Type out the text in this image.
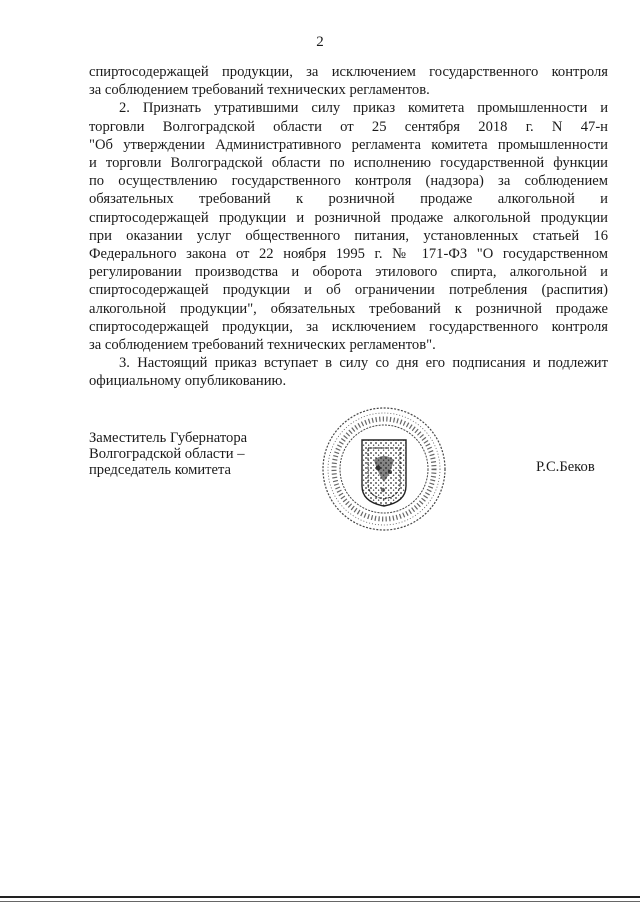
2
спиртосодержащей продукции, за исключением государственного контроля
за соблюдением требований технических регламентов.
2. Признать утратившими силу приказ комитета промышленности и
торговли Волгоградской области от 25 сентября 2018 г. N 47-н
"Об утверждении Административного регламента комитета промышленности
и торговли Волгоградской области по исполнению государственной функции
по осуществлению государственного контроля (надзора) за соблюдением
обязательных требований к розничной продаже алкогольной и
спиртосодержащей продукции и розничной продаже алкогольной продукции
при оказании услуг общественного питания, установленных статьей 16
Федерального закона от 22 ноября 1995 г. № 171-ФЗ "О государственном
регулировании производства и оборота этилового спирта, алкогольной и
спиртосодержащей продукции и об ограничении потребления (распития)
алкогольной продукции", обязательных требований к розничной продаже
спиртосодержащей продукции, за исключением государственного контроля
за соблюдением требований технических регламентов".
3. Настоящий приказ вступает в силу со дня его подписания и подлежит
официальному опубликованию.
Заместитель Губернатора
Волгоградской области –
председатель комитета	Р.С.Беков
